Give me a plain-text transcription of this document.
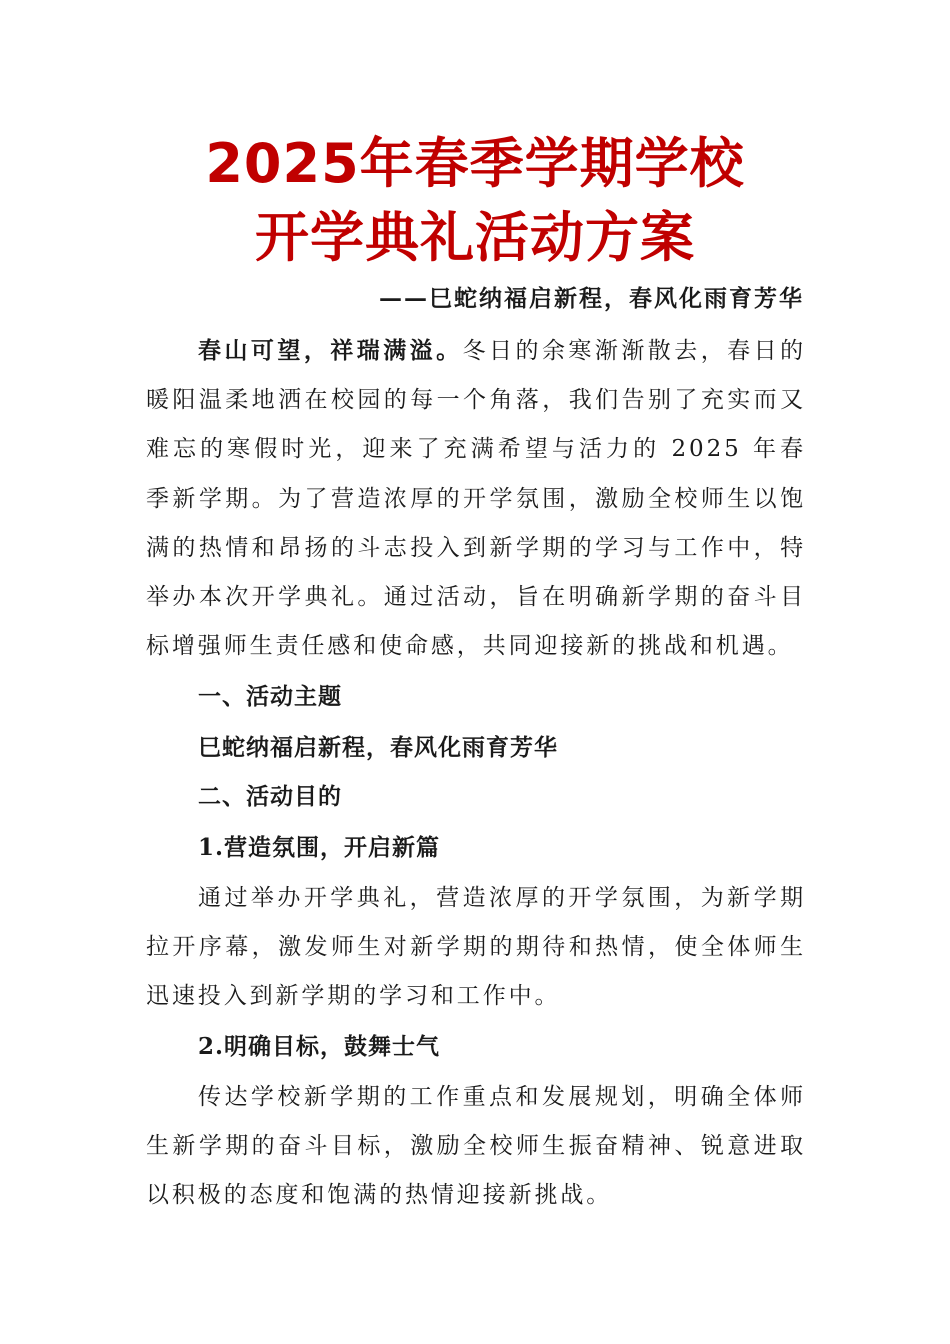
2025年春季学期学校
开学典礼活动方案
——巳蛇纳福启新程，春风化雨育芳华

春山可望，祥瑞满溢。冬日的余寒渐渐散去，春日的暖阳温柔地洒在校园的每一个角落，我们告别了充实而又难忘的寒假时光，迎来了充满希望与活力的 2025 年春季新学期。为了营造浓厚的开学氛围，激励全校师生以饱满的热情和昂扬的斗志投入到新学期的学习与工作中，特举办本次开学典礼。通过活动，旨在明确新学期的奋斗目标增强师生责任感和使命感，共同迎接新的挑战和机遇。

一、活动主题
巳蛇纳福启新程，春风化雨育芳华
二、活动目的
1.营造氛围，开启新篇

通过举办开学典礼，营造浓厚的开学氛围，为新学期拉开序幕，激发师生对新学期的期待和热情，使全体师生迅速投入到新学期的学习和工作中。

2.明确目标，鼓舞士气

传达学校新学期的工作重点和发展规划，明确全体师生新学期的奋斗目标，激励全校师生振奋精神、锐意进取以积极的态度和饱满的热情迎接新挑战。
